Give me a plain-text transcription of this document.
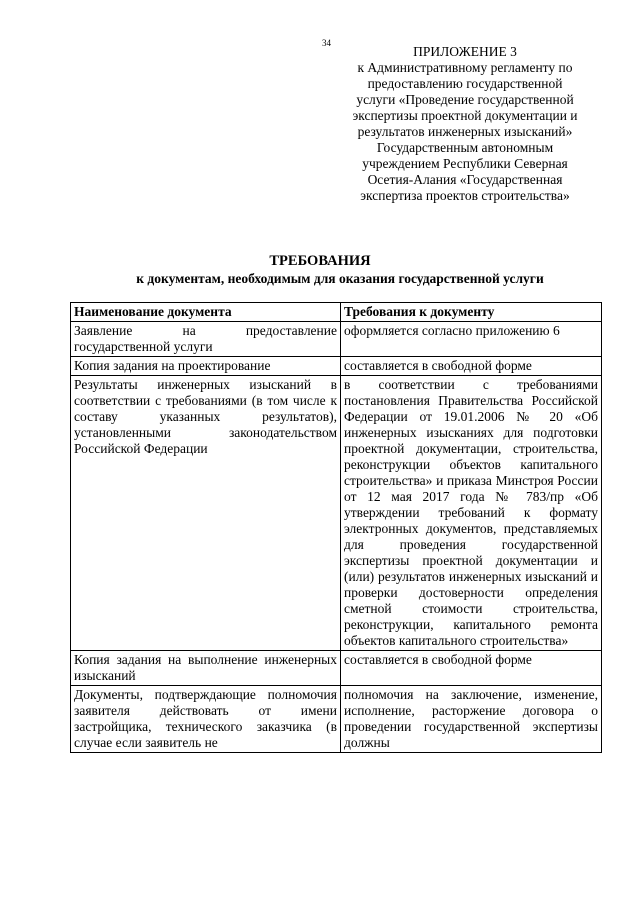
34
ПРИЛОЖЕНИЕ 3
к Административному регламенту по
предоставлению государственной
услуги «Проведение государственной
экспертизы проектной документации и
результатов инженерных изысканий»
Государственным автономным
учреждением Республики Северная
Осетия-Алания «Государственная
экспертиза проектов строительства»
ТРЕБОВАНИЯ
к документам, необходимым для оказания государственной услуги
Наименование документа	Требования к документу
Заявление на предоставление государственной услуги	оформляется согласно приложению 6
Копия задания на проектирование	составляется в свободной форме
Результаты инженерных изысканий в соответствии с требованиями (в том числе к составу указанных результатов), установленными законодательством Российской Федерации	в соответствии с требованиями постановления Правительства Российской Федерации от 19.01.2006 № 20 «Об инженерных изысканиях для подготовки проектной документации, строительства, реконструкции объектов капитального строительства» и приказа Минстроя России от 12 мая 2017 года № 783/пр «Об утверждении требований к формату электронных документов, представляемых для проведения государственной экспертизы проектной документации и (или) результатов инженерных изысканий и проверки достоверности определения сметной стоимости строительства, реконструкции, капитального ремонта объектов капитального строительства»
Копия задания на выполнение инженерных изысканий	составляется в свободной форме
Документы, подтверждающие полномочия заявителя действовать от имени застройщика, технического заказчика (в случае если заявитель не	полномочия на заключение, изменение, исполнение, расторжение договора о проведении государственной экспертизы должны
